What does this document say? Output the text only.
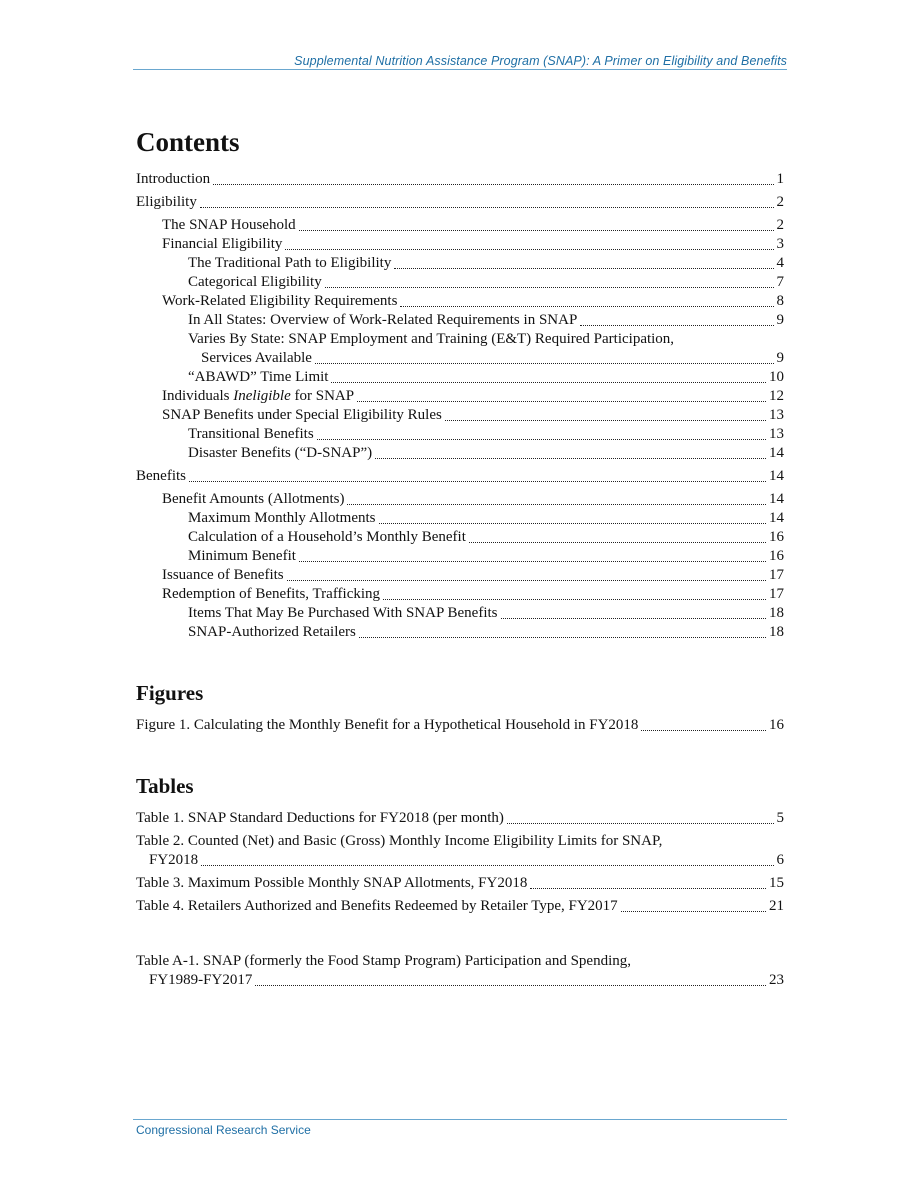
Supplemental Nutrition Assistance Program (SNAP): A Primer on Eligibility and Benefits
Contents
Introduction	1
Eligibility	2
The SNAP Household	2
Financial Eligibility	3
The Traditional Path to Eligibility	4
Categorical Eligibility	7
Work-Related Eligibility Requirements	8
In All States: Overview of Work-Related Requirements in SNAP	9
Varies By State: SNAP Employment and Training (E&T) Required Participation,
Services Available	9
“ABAWD” Time Limit	10
Individuals Ineligible for SNAP	12
SNAP Benefits under Special Eligibility Rules	13
Transitional Benefits	13
Disaster Benefits (“D-SNAP”)	14
Benefits	14
Benefit Amounts (Allotments)	14
Maximum Monthly Allotments	14
Calculation of a Household’s Monthly Benefit	16
Minimum Benefit	16
Issuance of Benefits	17
Redemption of Benefits, Trafficking	17
Items That May Be Purchased With SNAP Benefits	18
SNAP-Authorized Retailers	18
Figures
Figure 1. Calculating the Monthly Benefit for a Hypothetical Household in FY2018	16
Tables
Table 1. SNAP Standard Deductions for FY2018 (per month)	5
Table 2. Counted (Net) and Basic (Gross) Monthly Income Eligibility Limits for SNAP,
FY2018	6
Table 3. Maximum Possible Monthly SNAP Allotments, FY2018	15
Table 4. Retailers Authorized and Benefits Redeemed by Retailer Type, FY2017	21
Table A-1. SNAP (formerly the Food Stamp Program) Participation and Spending,
FY1989-FY2017	23
Congressional Research Service
